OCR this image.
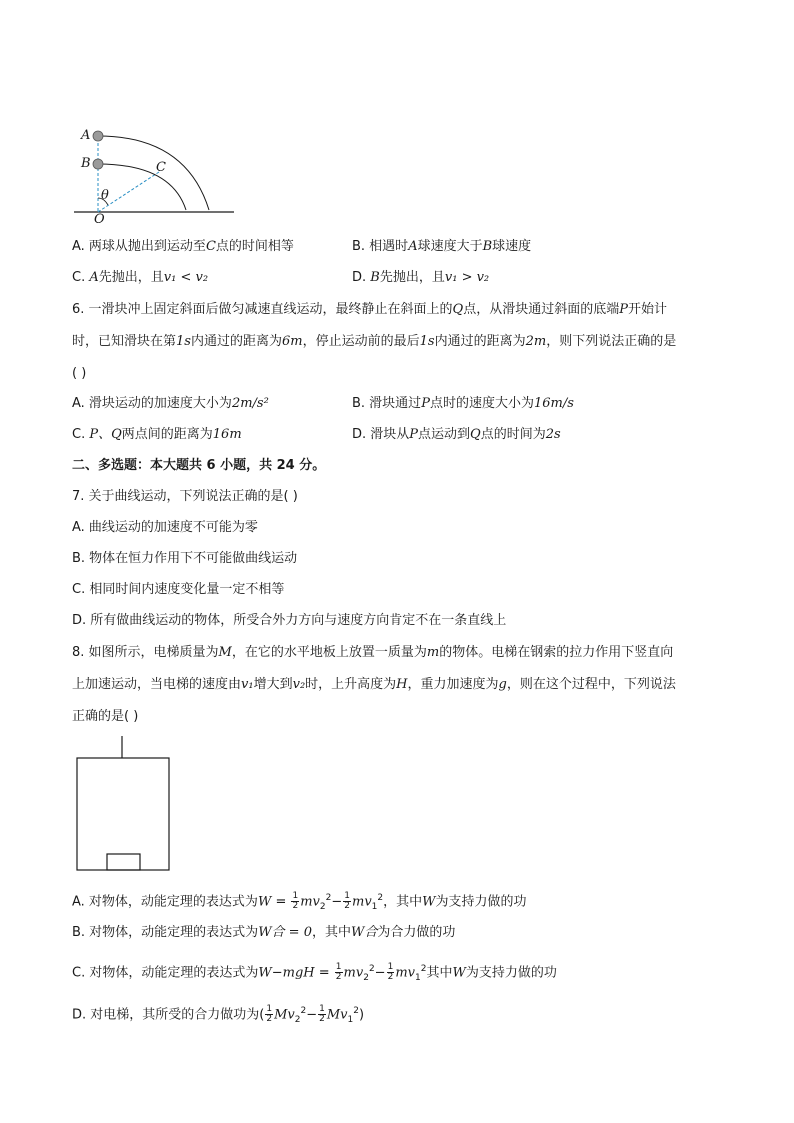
A
B	C
θ
O
A. 两球从抛出到运动至C点的时间相等	B. 相遇时A球速度大于B球速度
C. A先抛出，且v₁ < v₂	D. B先抛出，且v₁ > v₂
6. 一滑块冲上固定斜面后做匀减速直线运动，最终静止在斜面上的Q点，从滑块通过斜面的底端P开始计
时，已知滑块在第1s内通过的距离为6m，停止运动前的最后1s内通过的距离为2m，则下列说法正确的是
( )
A. 滑块运动的加速度大小为2m/s²	B. 滑块通过P点时的速度大小为16m/s
C. P、Q两点间的距离为16m	D. 滑块从P点运动到Q点的时间为2s
二、多选题：本大题共 6 小题，共 24 分。
7. 关于曲线运动，下列说法正确的是( )
A. 曲线运动的加速度不可能为零
B. 物体在恒力作用下不可能做曲线运动
C. 相同时间内速度变化量一定不相等
D. 所有做曲线运动的物体，所受合外力方向与速度方向肯定不在一条直线上
8. 如图所示，电梯质量为M，在它的水平地板上放置一质量为m的物体。电梯在钢索的拉力作用下竖直向
上加速运动，当电梯的速度由v₁增大到v₂时，上升高度为H，重力加速度为g，则在这个过程中，下列说法
正确的是( )
A. 对物体，动能定理的表达式为$W = \frac{1}{2} mv_2^2- \frac{1}{2} mv_1^2$，其中W为支持力做的功
B. 对物体，动能定理的表达式为W合 = 0，其中W合为合力做的功
C. 对物体，动能定理的表达式为$W-mgH = \frac{1}{2} mv_2^2- \frac{1}{2} mv_1^2$其中W为支持力做的功
D. 对电梯，其所受的合力做功为( $\frac{1}{2} Mv_2^2- \frac{1}{2} Mv_1^2$)
